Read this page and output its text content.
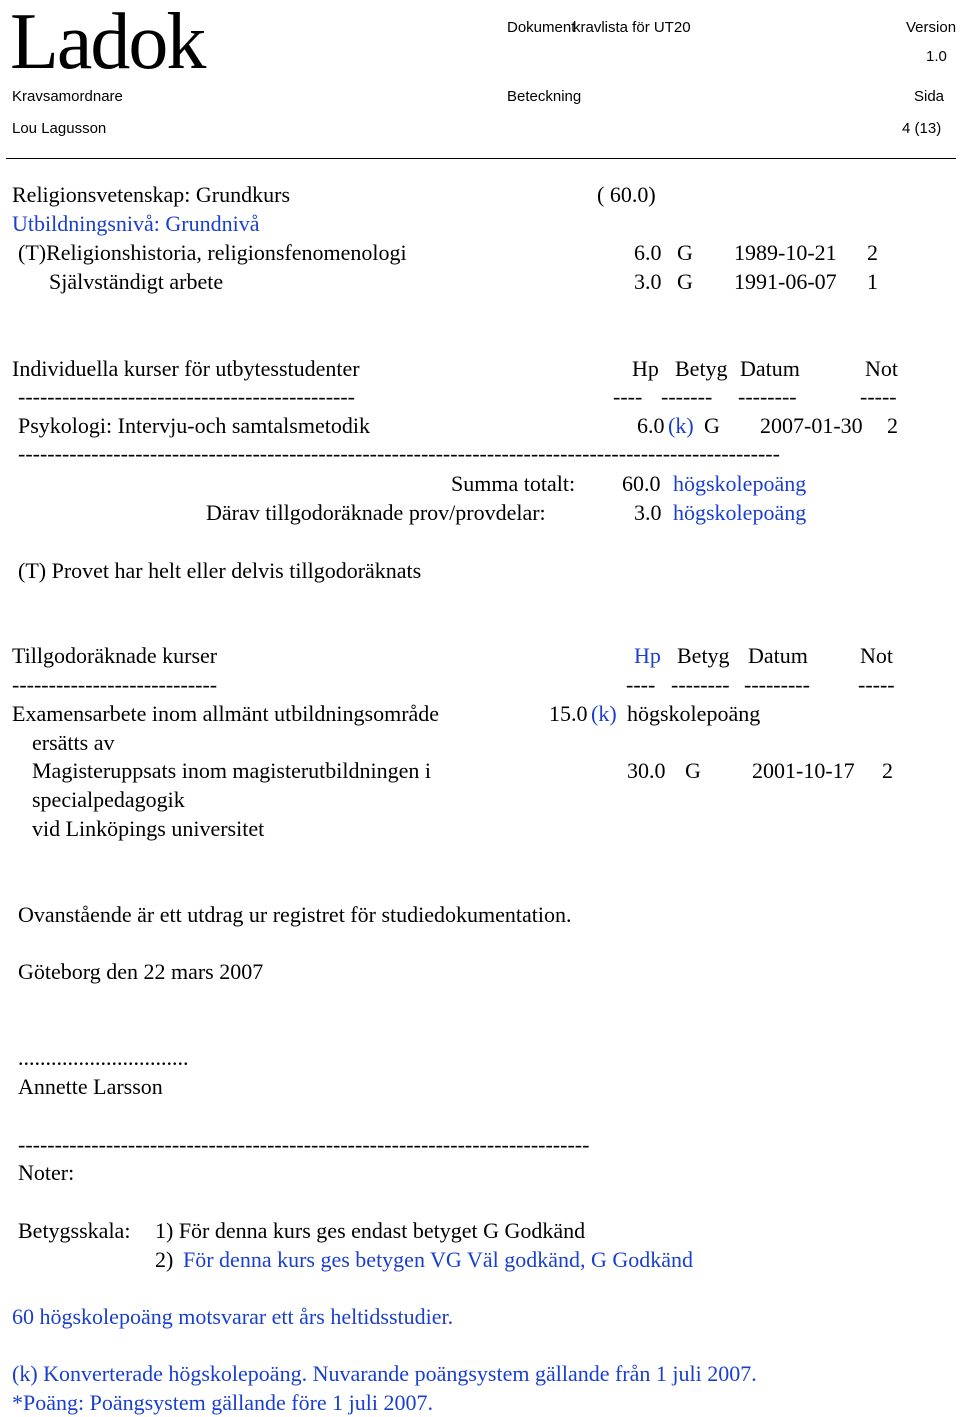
Ladok	Dokument
kravlista för UT20	Version
1.0
Kravsamordnare	Beteckning	Sida
Lou Lagusson	4 (13)
Religionsvetenskap: Grundkurs	( 60.0)
Utbildningsnivå: Grundnivå
(T)Religionshistoria, religionsfenomenologi	6.0 G 1989-10-21 2
Självständigt arbete	3.0 G 1991-06-07 1
Individuella kurser för utbytesstudenter	Hp Betyg Datum	Not
----------------------------------------------	---- ------- --------	-----
Psykologi: Intervju-och samtalsmetodik	6.0 (k) G 2007-01-30 2
--------------------------------------------------------------------------------------------------------
Summa totalt: 60.0 högskolepoäng
Därav tillgodoräknade prov/provdelar:	3.0 högskolepoäng
(T) Provet har helt eller delvis tillgodoräknats
Tillgodoräknade kurser	Hp Betyg Datum Not
----------------------------	---- -------- --------- -----
Examensarbete inom allmänt utbildningsområde	15.0 (k) högskolepoäng
ersätts av
Magisteruppsats inom magisterutbildningen i	30.0 G 2001-10-17 2
specialpedagogik
vid Linköpings universitet
Ovanstående är ett utdrag ur registret för studiedokumentation.
Göteborg den 22 mars 2007
...............................
Annette Larsson
------------------------------------------------------------------------------
Noter:
Betygsskala: 1) För denna kurs ges endast betyget G Godkänd
2) För denna kurs ges betygen VG Väl godkänd, G Godkänd
60 högskolepoäng motsvarar ett års heltidsstudier.
(k) Konverterade högskolepoäng. Nuvarande poängsystem gällande från 1 juli 2007.
*Poäng: Poängsystem gällande före 1 juli 2007.
